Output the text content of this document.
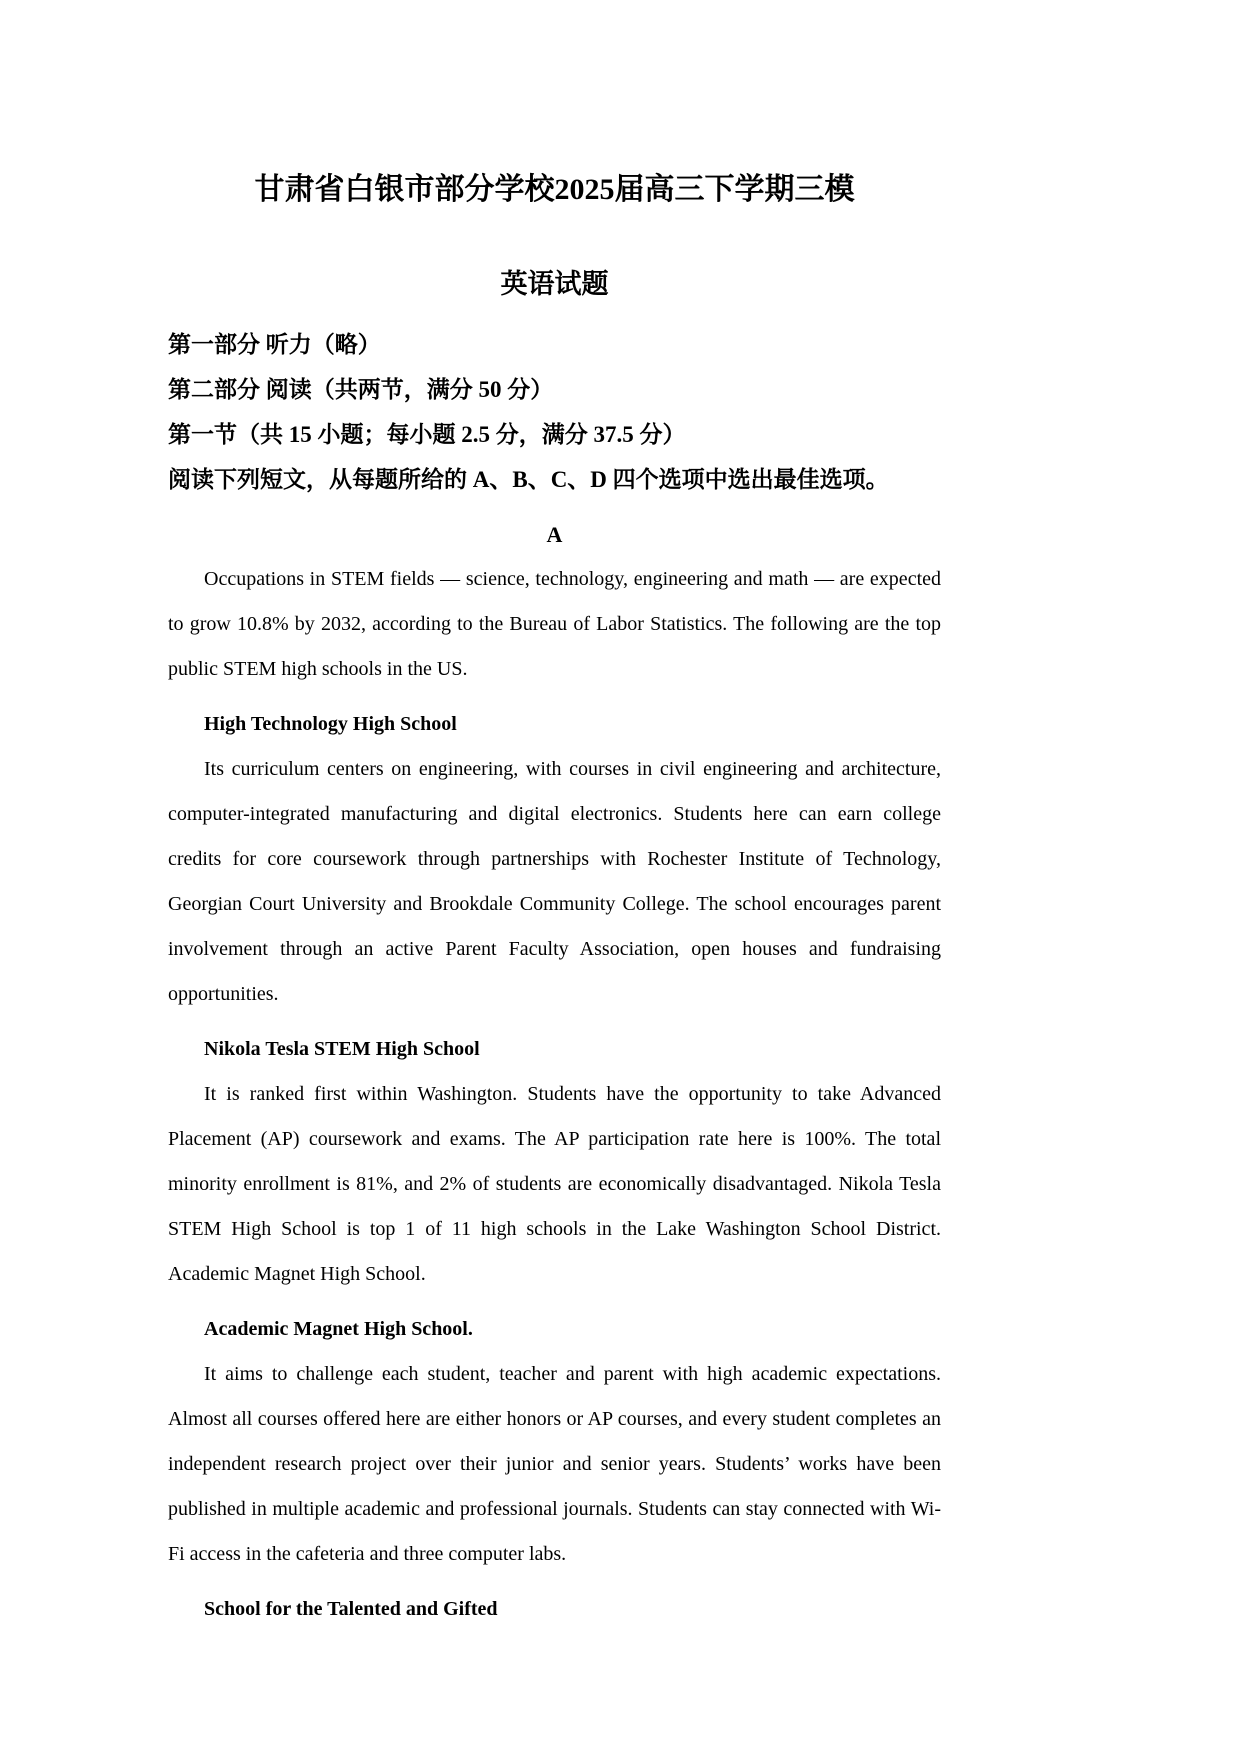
甘肃省白银市部分学校2025届高三下学期三模
英语试题

第一部分 听力（略）

第二部分 阅读（共两节，满分 50 分）

第一节（共 15 小题；每小题 2.5 分，满分 37.5 分）

阅读下列短文，从每题所给的 A、B、C、D 四个选项中选出最佳选项。

A

Occupations in STEM fields — science, technology, engineering and math — are expected to grow 10.8% by 2032, according to the Bureau of Labor Statistics. The following are the top public STEM high schools in the US.

High Technology High School

Its curriculum centers on engineering, with courses in civil engineering and architecture, computer-integrated manufacturing and digital electronics. Students here can earn college credits for core coursework through partnerships with Rochester Institute of Technology, Georgian Court University and Brookdale Community College. The school encourages parent involvement through an active Parent Faculty Association, open houses and fundraising opportunities.

Nikola Tesla STEM High School

It is ranked first within Washington. Students have the opportunity to take Advanced Placement (AP) coursework and exams. The AP participation rate here is 100%. The total minority enrollment is 81%, and 2% of students are economically disadvantaged. Nikola Tesla STEM High School is top 1 of 11 high schools in the Lake Washington School District. Academic Magnet High School.

Academic Magnet High School.

It aims to challenge each student, teacher and parent with high academic expectations. Almost all courses offered here are either honors or AP courses, and every student completes an independent research project over their junior and senior years. Students’ works have been published in multiple academic and professional journals. Students can stay connected with Wi-Fi access in the cafeteria and three computer labs.

School for the Talented and Gifted
